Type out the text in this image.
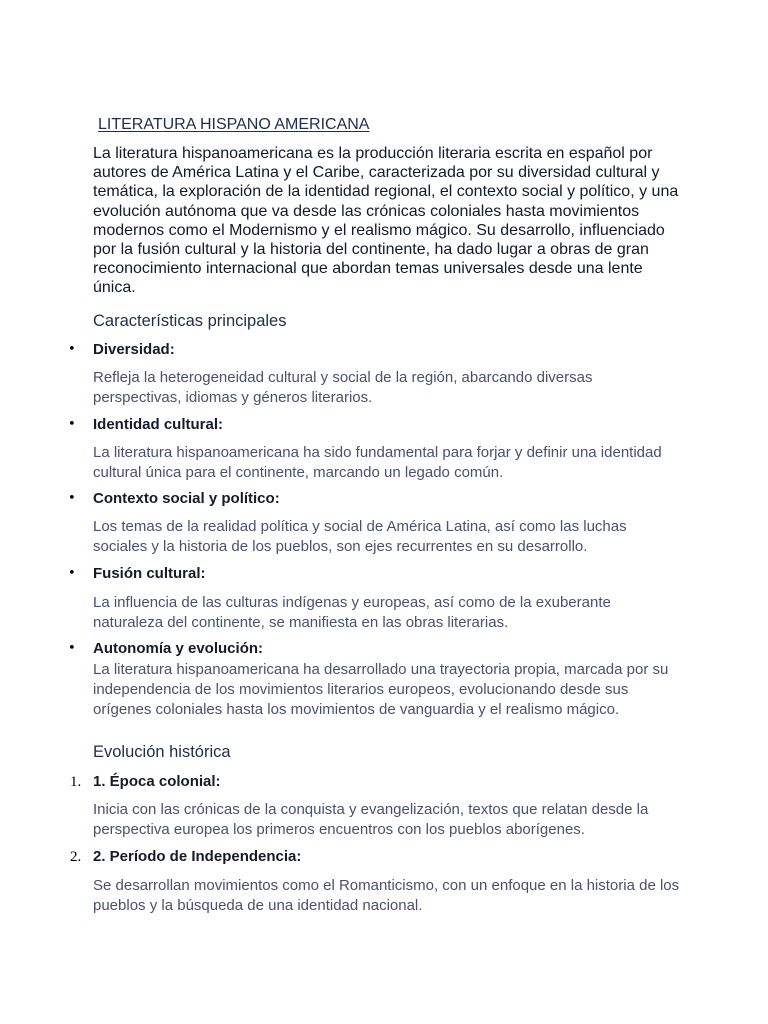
LITERATURA HISPANO AMERICANA
La literatura hispanoamericana es la producción literaria escrita en español por autores de América Latina y el Caribe, caracterizada por su diversidad cultural y temática, la exploración de la identidad regional, el contexto social y político, y una evolución autónoma que va desde las crónicas coloniales hasta movimientos modernos como el Modernismo y el realismo mágico. Su desarrollo, influenciado por la fusión cultural y la historia del continente, ha dado lugar a obras de gran reconocimiento internacional que abordan temas universales desde una lente única.
Características principales
• Diversidad:
Refleja la heterogeneidad cultural y social de la región, abarcando diversas perspectivas, idiomas y géneros literarios.
• Identidad cultural:
La literatura hispanoamericana ha sido fundamental para forjar y definir una identidad cultural única para el continente, marcando un legado común.
• Contexto social y político:
Los temas de la realidad política y social de América Latina, así como las luchas sociales y la historia de los pueblos, son ejes recurrentes en su desarrollo.
• Fusión cultural:
La influencia de las culturas indígenas y europeas, así como de la exuberante naturaleza del continente, se manifiesta en las obras literarias.
• Autonomía y evolución:
La literatura hispanoamericana ha desarrollado una trayectoria propia, marcada por su independencia de los movimientos literarios europeos, evolucionando desde sus orígenes coloniales hasta los movimientos de vanguardia y el realismo mágico.
Evolución histórica
1. 1. Época colonial:
Inicia con las crónicas de la conquista y evangelización, textos que relatan desde la perspectiva europea los primeros encuentros con los pueblos aborígenes.
2. 2. Período de Independencia:
Se desarrollan movimientos como el Romanticismo, con un enfoque en la historia de los pueblos y la búsqueda de una identidad nacional.
